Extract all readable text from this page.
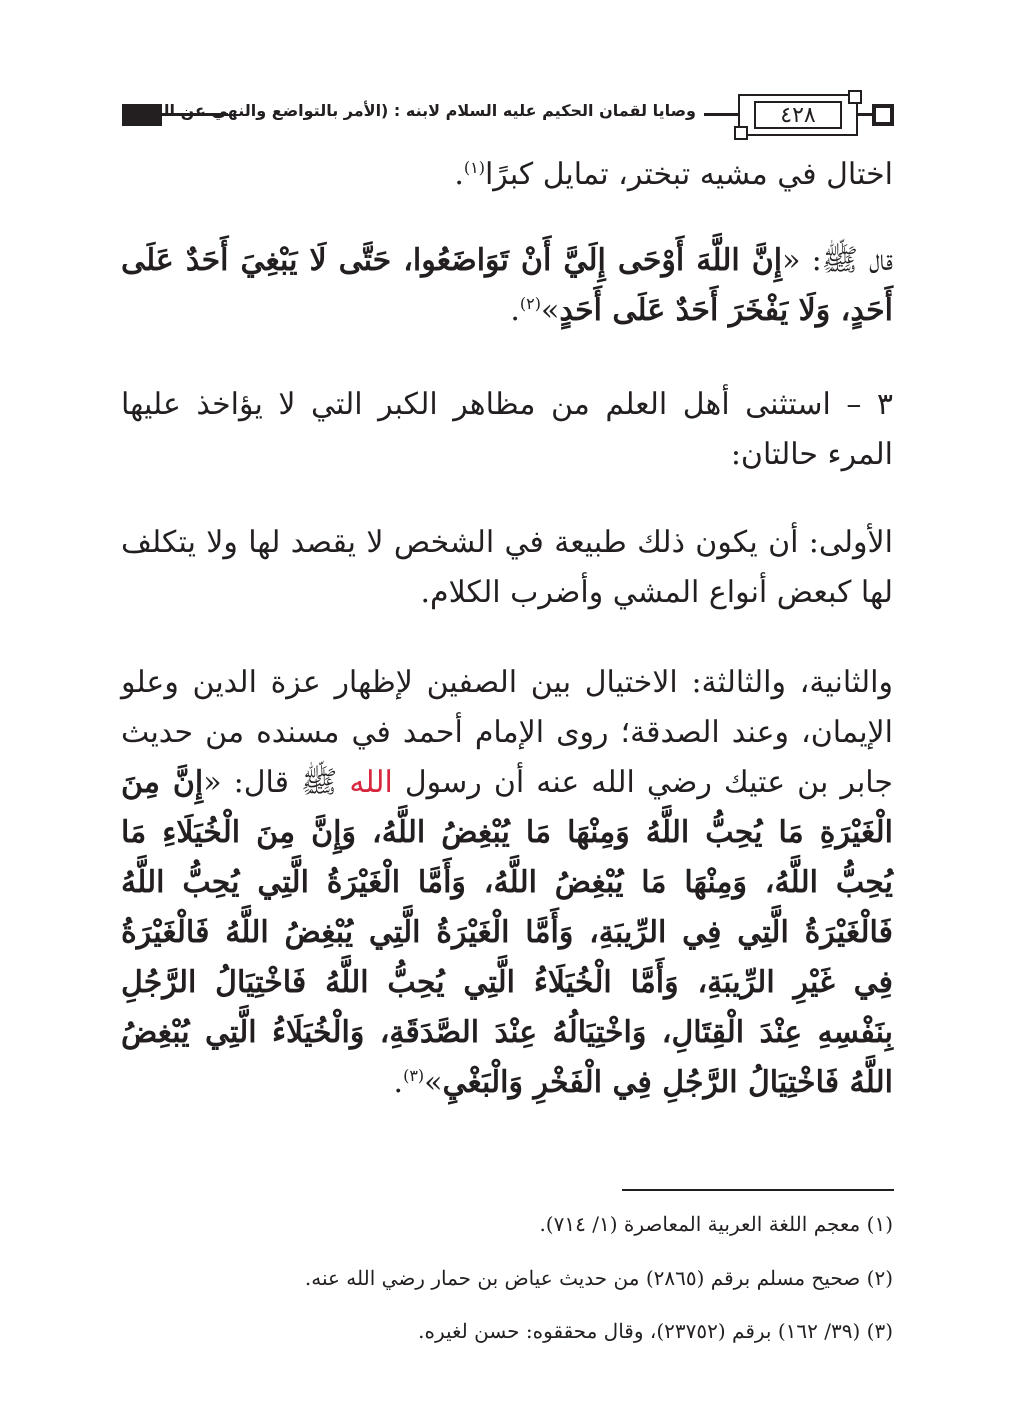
وصايا لقمان الحكيم عليه السلام لابنه : (الأمر بالتواضع والنهي عن التكبر)	٤٢٨
اختال في مشيه تبختر، تمايل كبرًا$^{(١)}$.
قال ﷺ: «إِنَّ اللَّهَ أَوْحَى إِلَيَّ أَنْ تَوَاضَعُوا، حَتَّى لَا يَبْغِيَ أَحَدٌ عَلَى أَحَدٍ، وَلَا يَفْخَرَ أَحَدٌ عَلَى أَحَدٍ»$^{(٢)}$.
٣ – استثنى أهل العلم من مظاهر الكبر التي لا يؤاخذ عليها المرء حالتان:
الأولى: أن يكون ذلك طبيعة في الشخص لا يقصد لها ولا يتكلف لها كبعض أنواع المشي وأضرب الكلام.
والثانية، والثالثة: الاختيال بين الصفين لإظهار عزة الدين وعلو الإيمان، وعند الصدقة؛ روى الإمام أحمد في مسنده من حديث جابر بن عتيك رضي الله عنه أن رسول الله ﷺ قال: «إِنَّ مِنَ الْغَيْرَةِ مَا يُحِبُّ اللَّهُ وَمِنْهَا مَا يُبْغِضُ اللَّهُ، وَإِنَّ مِنَ الْخُيَلَاءِ مَا يُحِبُّ اللَّهُ، وَمِنْهَا مَا يُبْغِضُ اللَّهُ، وَأَمَّا الْغَيْرَةُ الَّتِي يُحِبُّ اللَّهُ فَالْغَيْرَةُ الَّتِي فِي الرِّيبَةِ، وَأَمَّا الْغَيْرَةُ الَّتِي يُبْغِضُ اللَّهُ فَالْغَيْرَةُ فِي غَيْرِ الرِّيبَةِ، وَأَمَّا الْخُيَلَاءُ الَّتِي يُحِبُّ اللَّهُ فَاخْتِيَالُ الرَّجُلِ بِنَفْسِهِ عِنْدَ الْقِتَالِ، وَاخْتِيَالُهُ عِنْدَ الصَّدَقَةِ، وَالْخُيَلَاءُ الَّتِي يُبْغِضُ اللَّهُ فَاخْتِيَالُ الرَّجُلِ فِي الْفَخْرِ وَالْبَغْيِ»$^{(٣)}$.
(١) معجم اللغة العربية المعاصرة (١/ ٧١٤).
(٢) صحيح مسلم برقم (٢٨٦٥) من حديث عياض بن حمار رضي الله عنه.
(٣) (٣٩/ ١٦٢) برقم (٢٣٧٥٢)، وقال محققوه: حسن لغيره.
